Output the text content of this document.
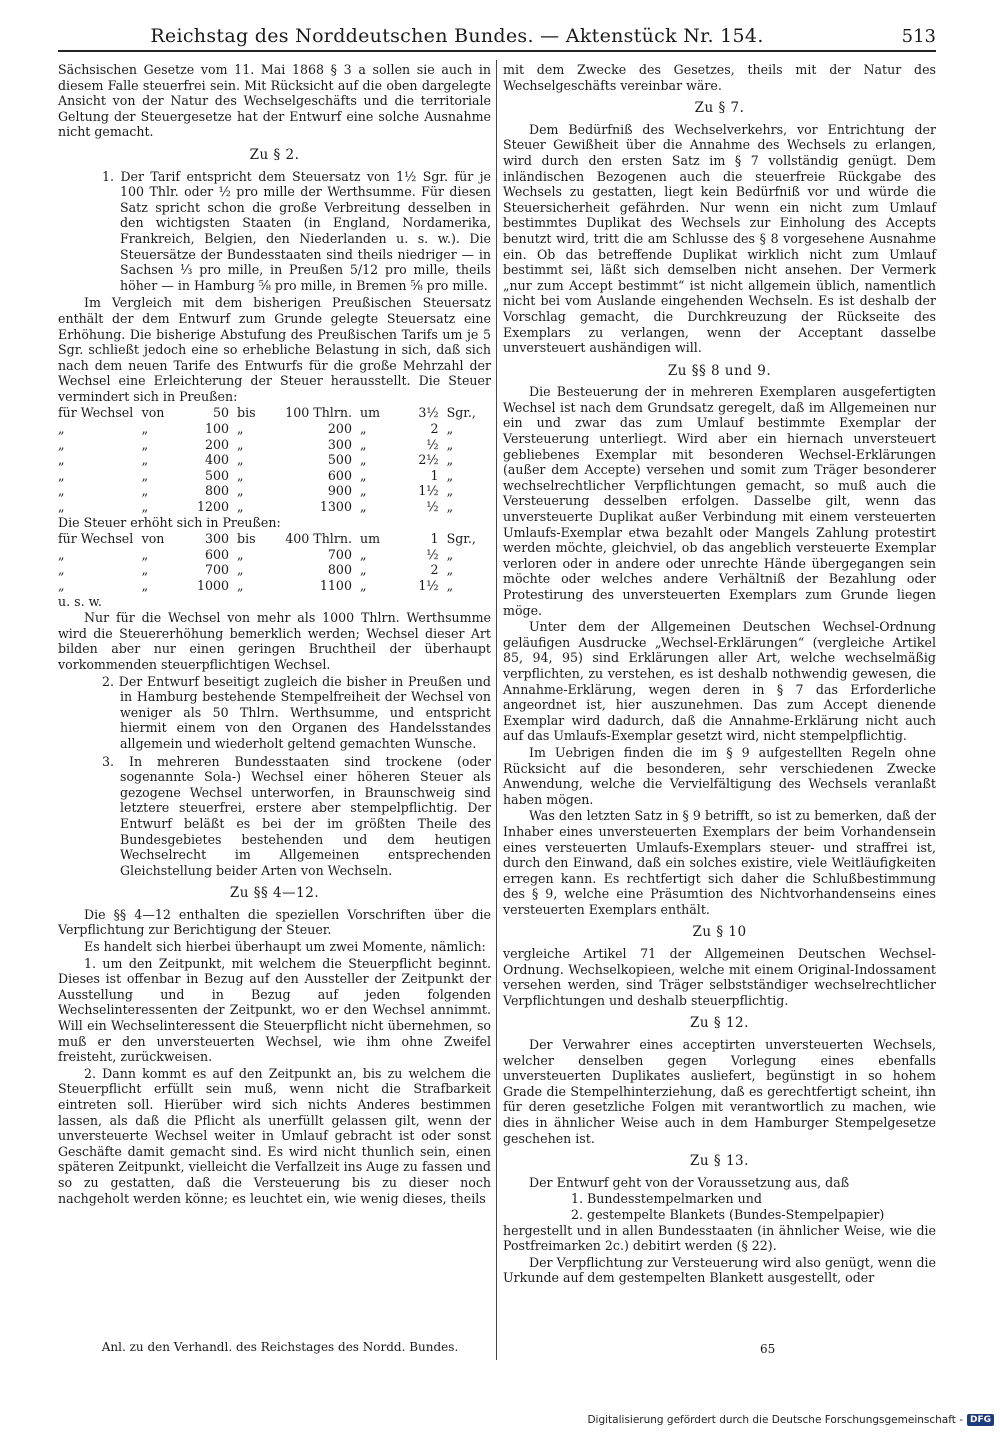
Reichstag des Norddeutschen Bundes. — Aktenstück Nr. 154.	513
Sächsischen Gesetze vom 11. Mai 1868 § 3 a sollen sie auch in diesem Falle steuerfrei sein. Mit Rücksicht auf die oben dargelegte Ansicht von der Natur des Wechselgeschäfts und die territoriale Geltung der Steuergesetze hat der Entwurf eine solche Ausnahme nicht gemacht.
Zu § 2.
1. Der Tarif entspricht dem Steuersatz von 1½ Sgr. für je 100 Thlr. oder ½ pro mille der Werthsumme. Für diesen Satz spricht schon die große Verbreitung desselben in den wichtigsten Staaten (in England, Nordamerika, Frankreich, Belgien, den Niederlanden u. s. w.). Die Steuersätze der Bundesstaaten sind theils niedriger — in Sachsen ⅓ pro mille, in Preußen 5/12 pro mille, theils höher — in Hamburg ⅝ pro mille, in Bremen ⅝ pro mille.
Im Vergleich mit dem bisherigen Preußischen Steuersatz enthält der dem Entwurf zum Grunde gelegte Steuersatz eine Erhöhung. Die bisherige Abstufung des Preußischen Tarifs um je 5 Sgr. schließt jedoch eine so erhebliche Belastung in sich, daß sich nach dem neuen Tarife des Entwurfs für die große Mehrzahl der Wechsel eine Erleichterung der Steuer herausstellt. Die Steuer vermindert sich in Preußen:
für Wechsel	von	50	bis	100 Thlrn.	um	3½	Sgr.,
„	„	100	„	200	„	2	„
„	„	200	„	300	„	½	„
„	„	400	„	500	„	2½	„
„	„	500	„	600	„	1	„
„	„	800	„	900	„	1½	„
„	„	1200	„	1300	„	½	„
Die Steuer erhöht sich in Preußen:
für Wechsel	von	300	bis	400 Thlrn.	um	1	Sgr.,
„	„	600	„	700	„	½	„
„	„	700	„	800	„	2	„
„	„	1000	„	1100	„	1½	„
u. s. w.
Nur für die Wechsel von mehr als 1000 Thlrn. Werthsumme wird die Steuererhöhung bemerklich werden; Wechsel dieser Art bilden aber nur einen geringen Bruchtheil der überhaupt vorkommenden steuerpflichtigen Wechsel.
2. Der Entwurf beseitigt zugleich die bisher in Preußen und in Hamburg bestehende Stempelfreiheit der Wechsel von weniger als 50 Thlrn. Werthsumme, und entspricht hiermit einem von den Organen des Handelsstandes allgemein und wiederholt geltend gemachten Wunsche.
3. In mehreren Bundesstaaten sind trockene (oder sogenannte Sola-) Wechsel einer höheren Steuer als gezogene Wechsel unterworfen, in Braunschweig sind letztere steuerfrei, erstere aber stempelpflichtig. Der Entwurf beläßt es bei der im größten Theile des Bundesgebietes bestehenden und dem heutigen Wechselrecht im Allgemeinen entsprechenden Gleichstellung beider Arten von Wechseln.
Zu §§ 4—12.
Die §§ 4—12 enthalten die speziellen Vorschriften über die Verpflichtung zur Berichtigung der Steuer.
Es handelt sich hierbei überhaupt um zwei Momente, nämlich:
1. um den Zeitpunkt, mit welchem die Steuerpflicht beginnt. Dieses ist offenbar in Bezug auf den Aussteller der Zeitpunkt der Ausstellung und in Bezug auf jeden folgenden Wechselinteressenten der Zeitpunkt, wo er den Wechsel annimmt. Will ein Wechselinteressent die Steuerpflicht nicht übernehmen, so muß er den unversteuerten Wechsel, wie ihm ohne Zweifel freisteht, zurückweisen.
2. Dann kommt es auf den Zeitpunkt an, bis zu welchem die Steuerpflicht erfüllt sein muß, wenn nicht die Strafbarkeit eintreten soll. Hierüber wird sich nichts Anderes bestimmen lassen, als daß die Pflicht als unerfüllt gelassen gilt, wenn der unversteuerte Wechsel weiter in Umlauf gebracht ist oder sonst Geschäfte damit gemacht sind. Es wird nicht thunlich sein, einen späteren Zeitpunkt, vielleicht die Verfallzeit ins Auge zu fassen und so zu gestatten, daß die Versteuerung bis zu dieser noch nachgeholt werden könne; es leuchtet ein, wie wenig dieses, theils
mit dem Zwecke des Gesetzes, theils mit der Natur des Wechselgeschäfts vereinbar wäre.
Zu § 7.
Dem Bedürfniß des Wechselverkehrs, vor Entrichtung der Steuer Gewißheit über die Annahme des Wechsels zu erlangen, wird durch den ersten Satz im § 7 vollständig genügt. Dem inländischen Bezogenen auch die steuerfreie Rückgabe des Wechsels zu gestatten, liegt kein Bedürfniß vor und würde die Steuersicherheit gefährden. Nur wenn ein nicht zum Umlauf bestimmtes Duplikat des Wechsels zur Einholung des Accepts benutzt wird, tritt die am Schlusse des § 8 vorgesehene Ausnahme ein. Ob das betreffende Duplikat wirklich nicht zum Umlauf bestimmt sei, läßt sich demselben nicht ansehen. Der Vermerk „nur zum Accept bestimmt“ ist nicht allgemein üblich, namentlich nicht bei vom Auslande eingehenden Wechseln. Es ist deshalb der Vorschlag gemacht, die Durchkreuzung der Rückseite des Exemplars zu verlangen, wenn der Acceptant dasselbe unversteuert aushändigen will.
Zu §§ 8 und 9.
Die Besteuerung der in mehreren Exemplaren ausgefertigten Wechsel ist nach dem Grundsatz geregelt, daß im Allgemeinen nur ein und zwar das zum Umlauf bestimmte Exemplar der Versteuerung unterliegt. Wird aber ein hiernach unversteuert gebliebenes Exemplar mit besonderen Wechsel-Erklärungen (außer dem Accepte) versehen und somit zum Träger besonderer wechselrechtlicher Verpflichtungen gemacht, so muß auch die Versteuerung desselben erfolgen. Dasselbe gilt, wenn das unversteuerte Duplikat außer Verbindung mit einem versteuerten Umlaufs-Exemplar etwa bezahlt oder Mangels Zahlung protestirt werden möchte, gleichviel, ob das angeblich versteuerte Exemplar verloren oder in andere oder unrechte Hände übergegangen sein möchte oder welches andere Verhältniß der Bezahlung oder Protestirung des unversteuerten Exemplars zum Grunde liegen möge.
Unter dem der Allgemeinen Deutschen Wechsel-Ordnung geläufigen Ausdrucke „Wechsel-Erklärungen“ (vergleiche Artikel 85, 94, 95) sind Erklärungen aller Art, welche wechselmäßig verpflichten, zu verstehen, es ist deshalb nothwendig gewesen, die Annahme-Erklärung, wegen deren in § 7 das Erforderliche angeordnet ist, hier auszunehmen. Das zum Accept dienende Exemplar wird dadurch, daß die Annahme-Erklärung nicht auch auf das Umlaufs-Exemplar gesetzt wird, nicht stempelpflichtig.
Im Uebrigen finden die im § 9 aufgestellten Regeln ohne Rücksicht auf die besonderen, sehr verschiedenen Zwecke Anwendung, welche die Vervielfältigung des Wechsels veranlaßt haben mögen.
Was den letzten Satz in § 9 betrifft, so ist zu bemerken, daß der Inhaber eines unversteuerten Exemplars der beim Vorhandensein eines versteuerten Umlaufs-Exemplars steuer- und straffrei ist, durch den Einwand, daß ein solches existire, viele Weitläufigkeiten erregen kann. Es rechtfertigt sich daher die Schlußbestimmung des § 9, welche eine Präsumtion des Nichtvorhandenseins eines versteuerten Exemplars enthält.
Zu § 10
vergleiche Artikel 71 der Allgemeinen Deutschen Wechsel-Ordnung. Wechselkopieen, welche mit einem Original-Indossament versehen werden, sind Träger selbstständiger wechselrechtlicher Verpflichtungen und deshalb steuerpflichtig.
Zu § 12.
Der Verwahrer eines acceptirten unversteuerten Wechsels, welcher denselben gegen Vorlegung eines ebenfalls unversteuerten Duplikates ausliefert, begünstigt in so hohem Grade die Stempelhinterziehung, daß es gerechtfertigt scheint, ihn für deren gesetzliche Folgen mit verantwortlich zu machen, wie dies in ähnlicher Weise auch in dem Hamburger Stempelgesetze geschehen ist.
Zu § 13.
Der Entwurf geht von der Voraussetzung aus, daß
1. Bundesstempelmarken und
2. gestempelte Blankets (Bundes-Stempelpapier)
hergestellt und in allen Bundesstaaten (in ähnlicher Weise, wie die Postfreimarken 2c.) debitirt werden (§ 22).
Der Verpflichtung zur Versteuerung wird also genügt, wenn die Urkunde auf dem gestempelten Blankett ausgestellt, oder
Anl. zu den Verhandl. des Reichstages des Nordd. Bundes.	65
Digitalisierung gefördert durch die Deutsche Forschungsgemeinschaft - DFG
